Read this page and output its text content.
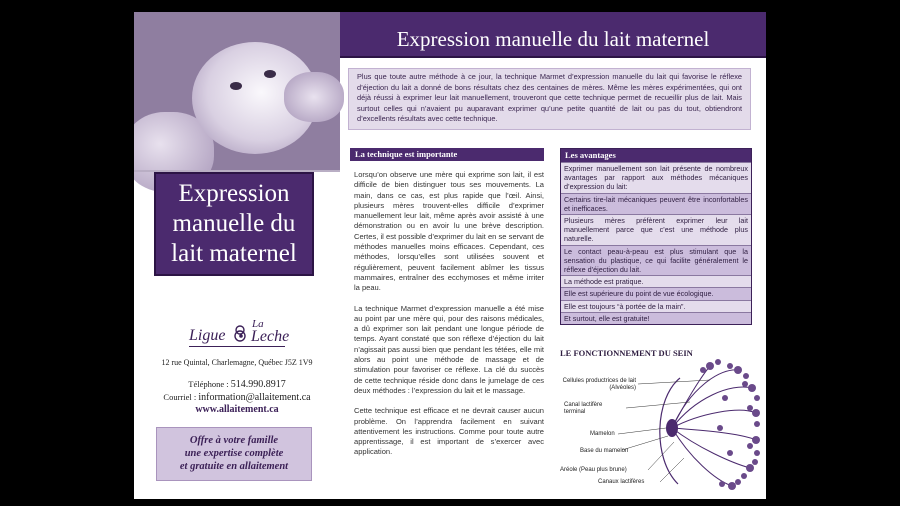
Expression manuelle du lait maternel
Ligue
La
Leche
12 rue Quintal, Charlemagne, Québec J5Z 1V9
Téléphone : 514.990.8917
Courriel : information@allaitement.ca
www.allaitement.ca
Offre à votre famille
une expertise complète
et gratuite en allaitement
Expression manuelle du lait maternel
Plus que toute autre méthode à ce jour, la technique Marmet d’expression manuelle du lait qui favorise le réflexe d’éjection du lait a donné de bons résultats chez des centaines de mères. Même les mères expérimentées, qui ont déjà réussi à exprimer leur lait manuellement, trouveront que cette technique permet de recueillir plus de lait. Mais surtout celles qui n’avaient pu auparavant exprimer qu’une petite quantité de lait ou pas du tout, obtiendront d’excellents résultats avec cette technique.
La technique est importante

Lorsqu’on observe une mère qui exprime son lait, il est difficile de bien distinguer tous ses mouvements. La main, dans ce cas, est plus rapide que l’œil. Ainsi, plusieurs mères trouvent-elles difficile d’exprimer manuellement leur lait, même après avoir assisté à une démonstration ou en avoir lu une brève description. Certes, il est possible d’exprimer du lait en se servant de méthodes manuelles moins efficaces. Cependant, ces méthodes, lorsqu’elles sont utilisées souvent et régulièrement, peuvent facilement abîmer les tissus mammaires, entraîner des ecchymoses et même irriter la peau.

La technique Marmet d’expression manuelle a été mise au point par une mère qui, pour des raisons médicales, a dû exprimer son lait pendant une longue période de temps. Ayant constaté que son réflexe d’éjection du lait n’agissait pas aussi bien que pendant les tétées, elle mit alors au point une méthode de massage et de stimulation pour favoriser ce réflexe. La clé du succès de cette technique réside donc dans le jumelage de ces deux méthodes : l’expression du lait et le massage.

Cette technique est efficace et ne devrait causer aucun problème. On l’apprendra facilement en suivant attentivement les instructions. Comme pour toute autre apprentissage, il est important de s’exercer avec application.

Les avantages
Exprimer manuellement son lait présente de nombreux avantages par rapport aux méthodes mécaniques d’expression du lait:
Certains tire-lait mécaniques peuvent être inconfortables et inefficaces.
Plusieurs mères préfèrent exprimer leur lait manuellement parce que c’est une méthode plus naturelle.
Le contact peau-à-peau est plus stimulant que la sensation du plastique, ce qui facilite généralement le réflexe d’éjection du lait.
La méthode est pratique.
Elle est supérieure du point de vue écologique.
Elle est toujours “à portée de la main”.
Et surtout, elle est gratuite!
LE FONCTIONNEMENT DU SEIN
Cellules productrices de lait (Alvéoles)
Canal lactifère terminal
Mamelon
Base du mamelon
Aréole (Peau plus brune)
Canaux lactifères
